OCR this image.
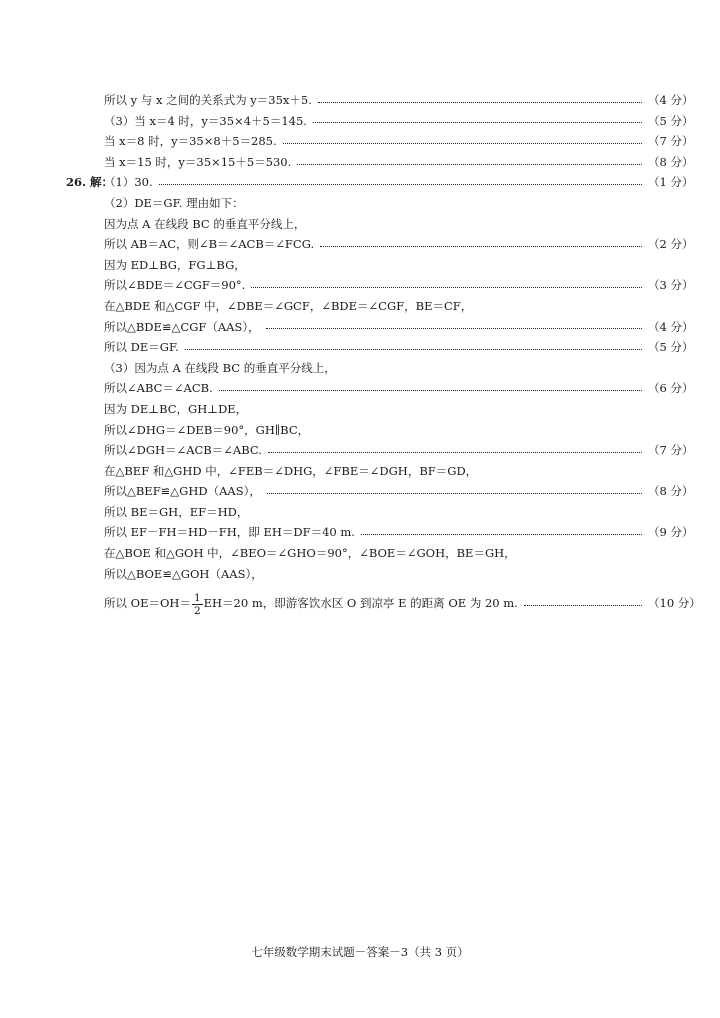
所以 y 与 x 之间的关系式为 y＝35x＋5.	（4 分）
（3）当 x＝4 时，y＝35×4＋5＝145.	（5 分）
当 x＝8 时，y＝35×8＋5＝285.	（7 分）
当 x＝15 时，y＝35×15＋5＝530.	（8 分）
26. 解：
（1）30.	（1 分）
（2）DE＝GF. 理由如下：
因为点 A 在线段 BC 的垂直平分线上，
所以 AB＝AC，则∠B＝∠ACB＝∠FCG.	（2 分）
因为 ED⊥BG，FG⊥BG，
所以∠BDE＝∠CGF＝90°.	（3 分）
在△BDE 和△CGF 中，∠DBE＝∠GCF，∠BDE＝∠CGF，BE＝CF，
所以△BDE≌△CGF（AAS），	（4 分）
所以 DE＝GF.	（5 分）
（3）因为点 A 在线段 BC 的垂直平分线上，
所以∠ABC＝∠ACB.	（6 分）
因为 DE⊥BC，GH⊥DE，
所以∠DHG＝∠DEB＝90°，GH∥BC，
所以∠DGH＝∠ACB＝∠ABC.	（7 分）
在△BEF 和△GHD 中，∠FEB＝∠DHG，∠FBE＝∠DGH，BF＝GD，
所以△BEF≌△GHD（AAS），	（8 分）
所以 BE＝GH，EF＝HD，
所以 EF－FH＝HD－FH，即 EH＝DF＝40 m.	（9 分）
在△BOE 和△GOH 中，∠BEO＝∠GHO＝90°，∠BOE＝∠GOH，BE＝GH，
所以△BOE≌△GOH（AAS），
所以 $OE=OH= \frac{1}{2} EH=20$ m，即游客饮水区 O 到凉亭 E 的距离 OE 为 20 m.	（10 分）
七年级数学期末试题－答案－3（共 3 页）
